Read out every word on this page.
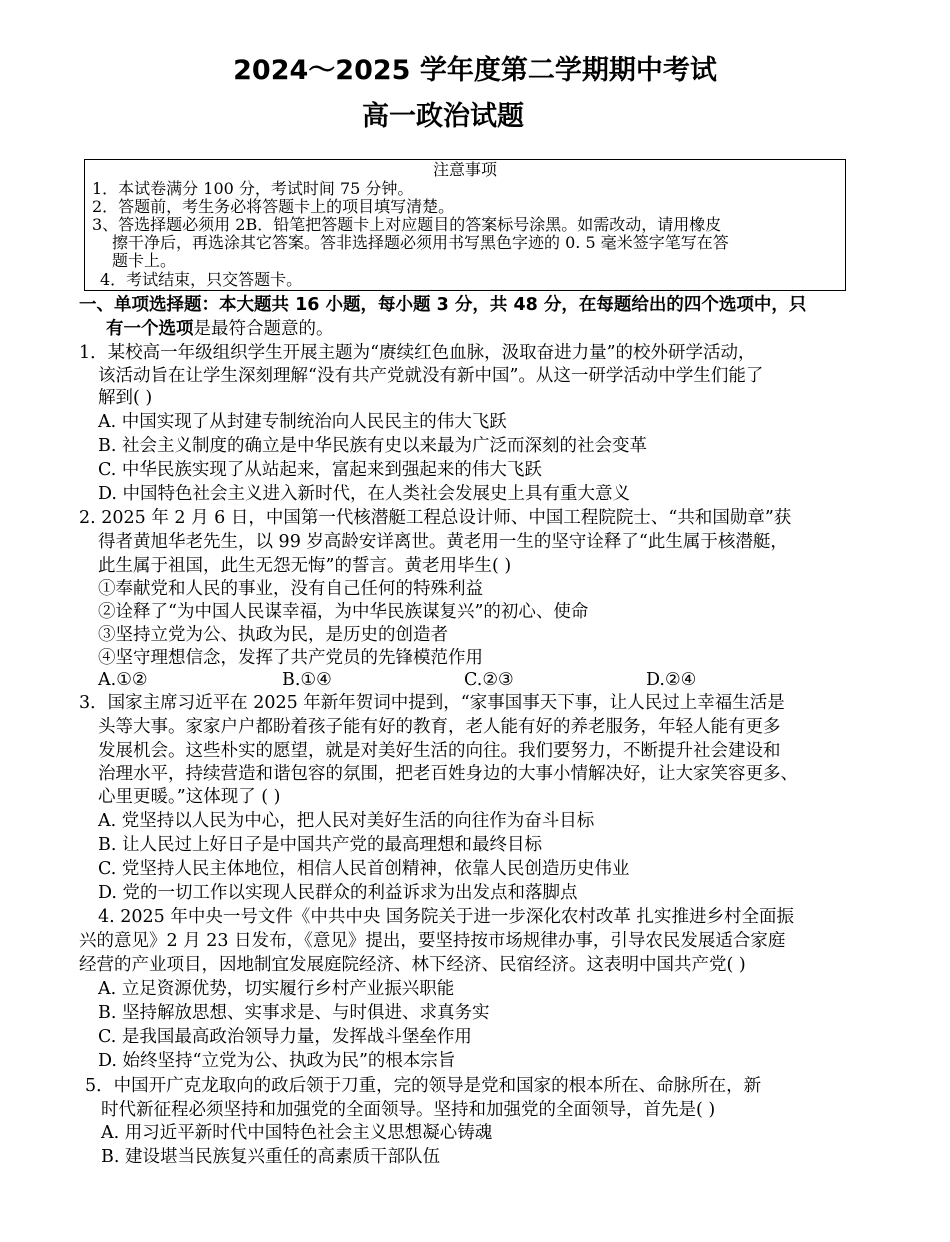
2024～2025 学年度第二学期期中考试
高一政治试题
注意事项
1．本试卷满分 100 分，考试时间 75 分钟。
2．答题前，考生务必将答题卡上的项目填写清楚。
3、答选择题必须用 2B．铅笔把答题卡上对应题目的答案标号涂黑。如需改动，请用橡皮
擦干净后，再选涂其它答案。答非选择题必须用书写黑色字迹的 0. 5 毫米签字笔写在答
题卡上。
4．考试结束，只交答题卡。
一、单项选择题：本大题共 16 小题，每小题 3 分，共 48 分，在每题给出的四个选项中，只
有一个选项是最符合题意的。
1．某校高一年级组织学生开展主题为“赓续红色血脉，汲取奋进力量”的校外研学活动，
该活动旨在让学生深刻理解“没有共产党就没有新中国”。从这一研学活动中学生们能了
解到( )
A. 中国实现了从封建专制统治向人民民主的伟大飞跃
B. 社会主义制度的确立是中华民族有史以来最为广泛而深刻的社会变革
C. 中华民族实现了从站起来，富起来到强起来的伟大飞跃
D. 中国特色社会主义进入新时代，在人类社会发展史上具有重大意义
2. 2025 年 2 月 6 日，中国第一代核潜艇工程总设计师、中国工程院院士、“共和国勋章”获
得者黄旭华老先生，以 99 岁高龄安详离世。黄老用一生的坚守诠释了“此生属于核潜艇，
此生属于祖国，此生无怨无悔”的誓言。黄老用毕生( )
①奉献党和人民的事业，没有自己任何的特殊利益
②诠释了“为中国人民谋幸福，为中华民族谋复兴”的初心、使命
③坚持立党为公、执政为民，是历史的创造者
④坚守理想信念，发挥了共产党员的先锋模范作用
A.①②	B.①④	C.②③	D.②④
3．国家主席习近平在 2025 年新年贺词中提到，“家事国事天下事，让人民过上幸福生活是
头等大事。家家户户都盼着孩子能有好的教育，老人能有好的养老服务，年轻人能有更多
发展机会。这些朴实的愿望，就是对美好生活的向往。我们要努力，不断提升社会建设和
治理水平，持续营造和谐包容的氛围，把老百姓身边的大事小情解决好，让大家笑容更多、
心里更暖。”这体现了 ( )
A. 党坚持以人民为中心，把人民对美好生活的向往作为奋斗目标
B. 让人民过上好日子是中国共产党的最高理想和最终目标
C. 党坚持人民主体地位，相信人民首创精神，依靠人民创造历史伟业
D. 党的一切工作以实现人民群众的利益诉求为出发点和落脚点
4. 2025 年中央一号文件《中共中央 国务院关于进一步深化农村改革 扎实推进乡村全面振
兴的意见》2 月 23 日发布，《意见》提出，要坚持按市场规律办事，引导农民发展适合家庭
经营的产业项目，因地制宜发展庭院经济、林下经济、民宿经济。这表明中国共产党( )
A. 立足资源优势，切实履行乡村产业振兴职能
B. 坚持解放思想、实事求是、与时俱进、求真务实
C. 是我国最高政治领导力量，发挥战斗堡垒作用
D. 始终坚持“立党为公、执政为民”的根本宗旨
5．中国开广克龙取向的政后领于刀重，完的领导是党和国家的根本所在、命脉所在，新
时代新征程必须坚持和加强党的全面领导。坚持和加强党的全面领导，首先是( )
A. 用习近平新时代中国特色社会主义思想凝心铸魂
B. 建设堪当民族复兴重任的高素质干部队伍
